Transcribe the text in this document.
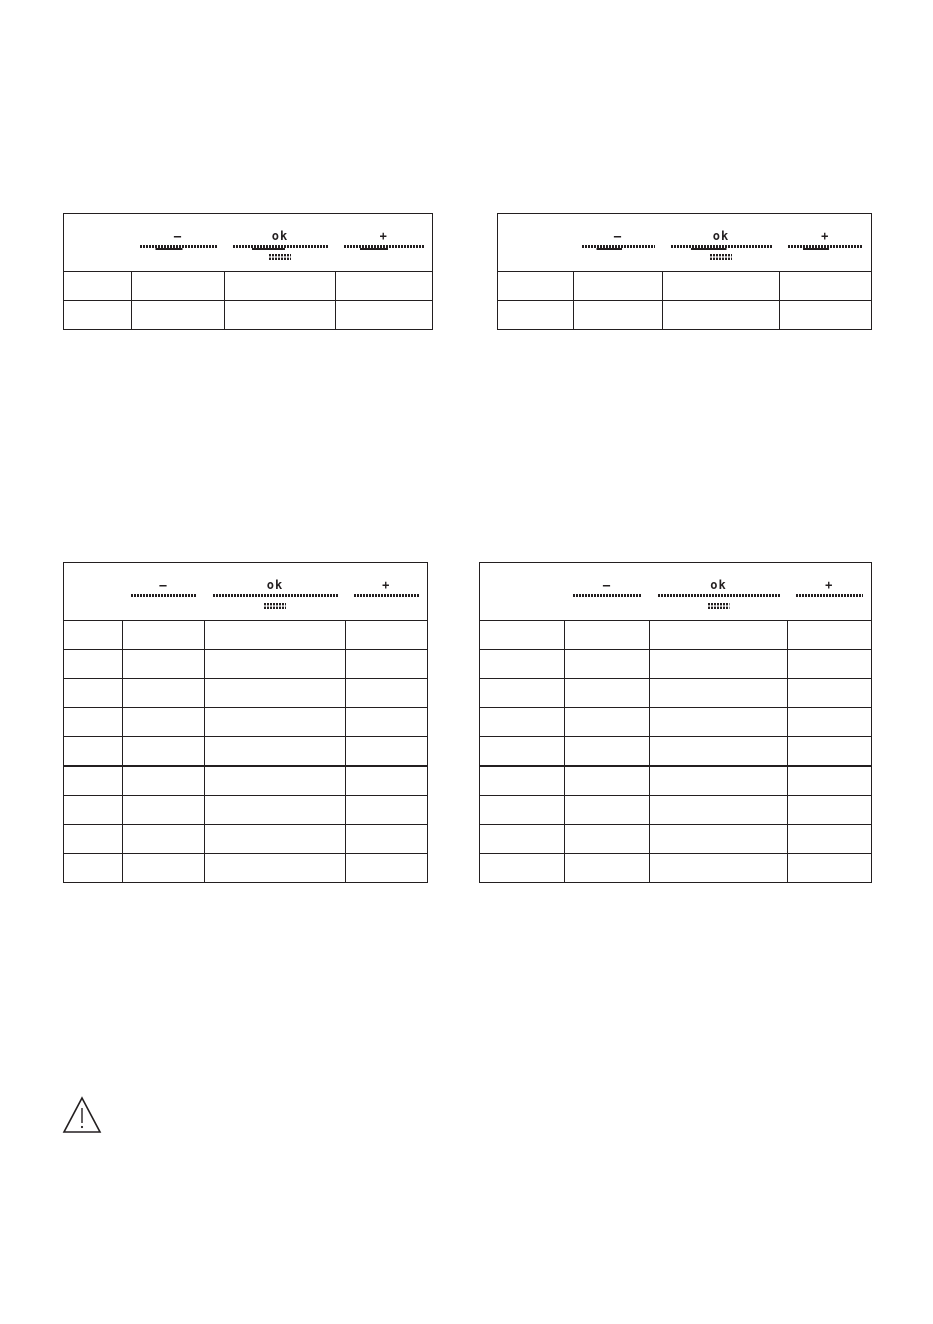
	–	ok	+

	–	ok	+

	–	ok	+

	–	ok	+
